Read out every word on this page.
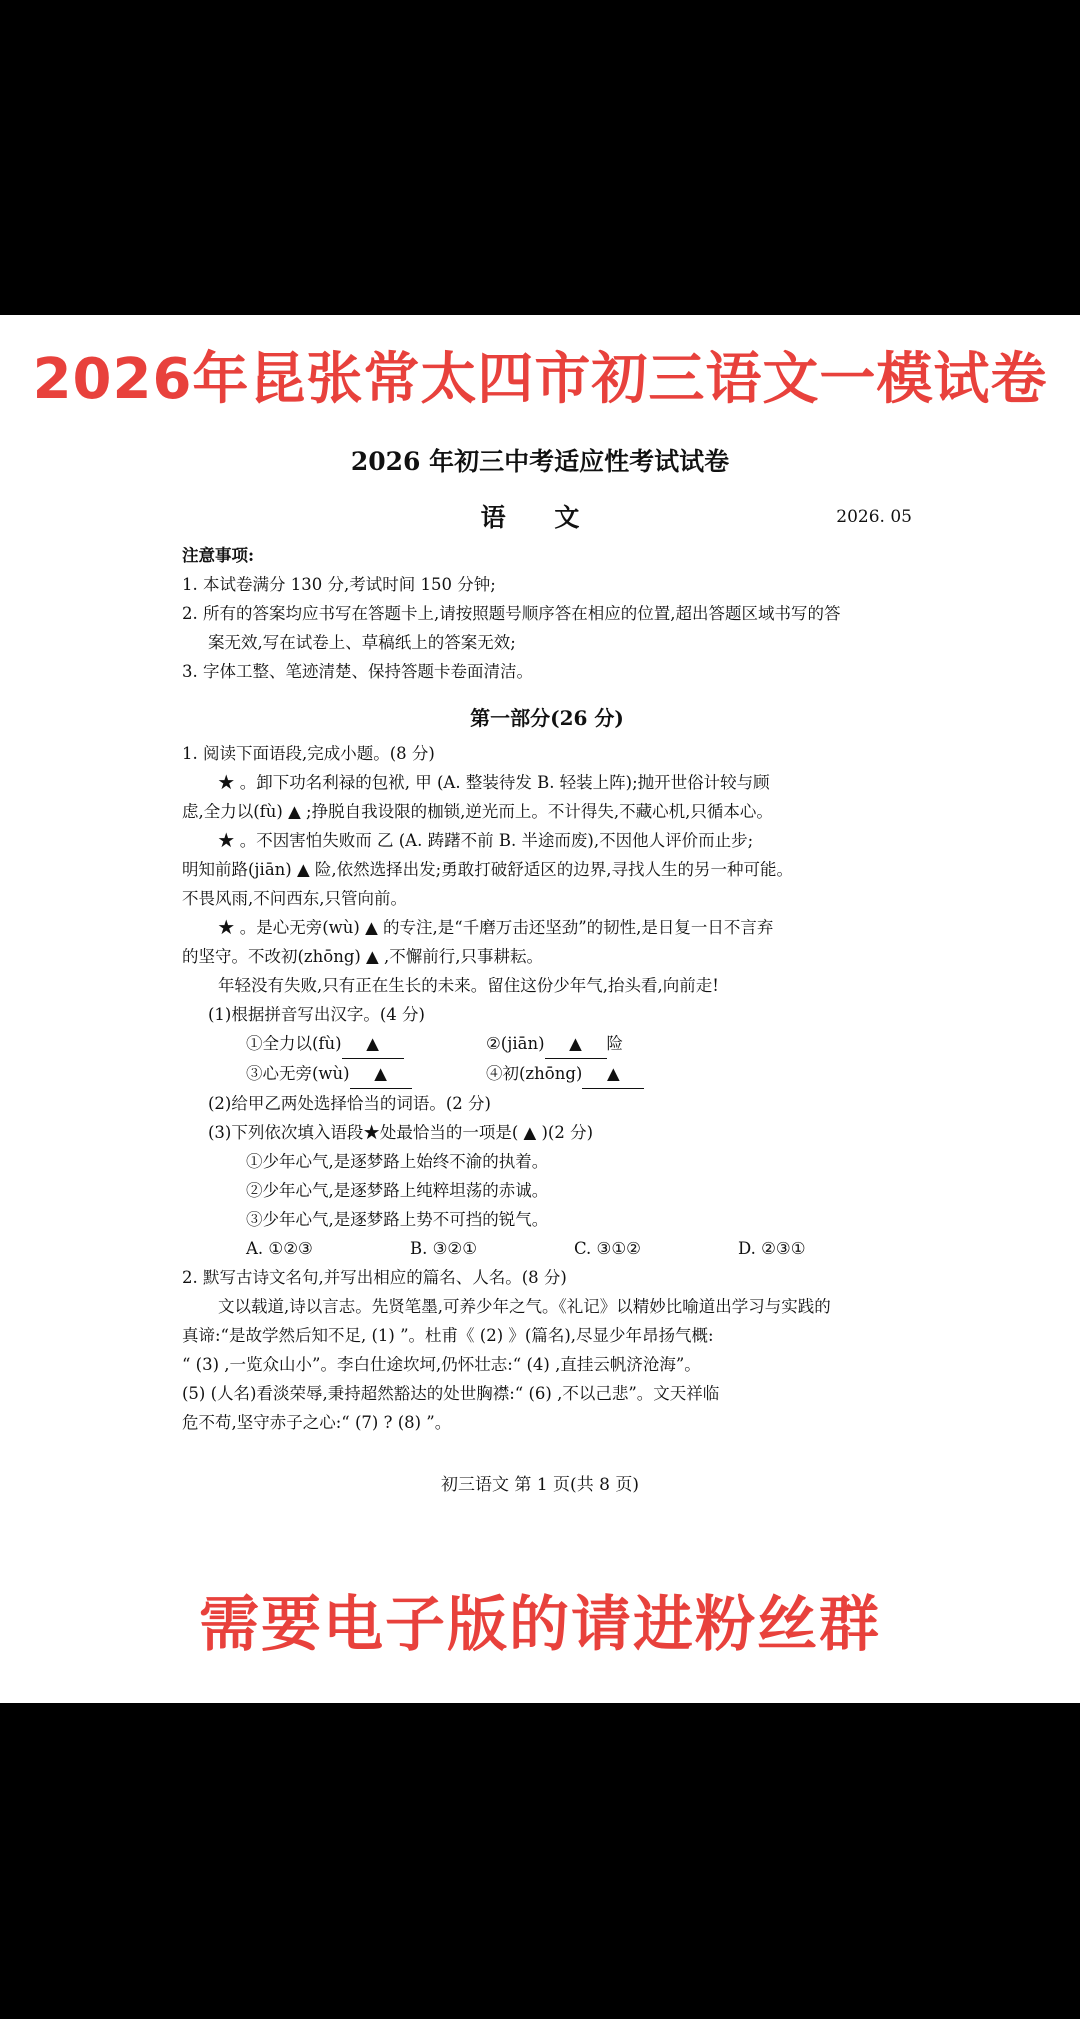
2026年昆张常太四市初三语文一模试卷
2026 年初三中考适应性考试试卷
语 文	2026. 05
注意事项:
1. 本试卷满分 130 分,考试时间 150 分钟;
2. 所有的答案均应书写在答题卡上,请按照题号顺序答在相应的位置,超出答题区域书写的答
案无效,写在试卷上、草稿纸上的答案无效;
3. 字体工整、笔迹清楚、保持答题卡卷面清洁。
第一部分(26 分)
1. 阅读下面语段,完成小题。(8 分)
★ 。卸下功名利禄的包袱, 甲 (A. 整装待发 B. 轻装上阵);抛开世俗计较与顾
虑,全力以(fù) ▲ ;挣脱自我设限的枷锁,逆光而上。不计得失,不藏心机,只循本心。
★ 。不因害怕失败而 乙 (A. 踌躇不前 B. 半途而废),不因他人评价而止步;
明知前路(jiān) ▲ 险,依然选择出发;勇敢打破舒适区的边界,寻找人生的另一种可能。
不畏风雨,不问西东,只管向前。
★ 。是心无旁(wù) ▲ 的专注,是“千磨万击还坚劲”的韧性,是日复一日不言弃
的坚守。不改初(zhōng) ▲ ,不懈前行,只事耕耘。
年轻没有失败,只有正在生长的未来。留住这份少年气,抬头看,向前走!
(1)根据拼音写出汉字。(4 分)
①全力以(fù) ▲	②(jiān) ▲ 险
③心无旁(wù) ▲	④初(zhōng) ▲
(2)给甲乙两处选择恰当的词语。(2 分)
(3)下列依次填入语段★处最恰当的一项是( ▲ )(2 分)
①少年心气,是逐梦路上始终不渝的执着。
②少年心气,是逐梦路上纯粹坦荡的赤诚。
③少年心气,是逐梦路上势不可挡的锐气。
A. ①②③	B. ③②①	C. ③①②	D. ②③①
2. 默写古诗文名句,并写出相应的篇名、人名。(8 分)
文以载道,诗以言志。先贤笔墨,可养少年之气。《礼记》以精妙比喻道出学习与实践的
真谛:“是故学然后知不足, (1) ”。杜甫《 (2) 》(篇名),尽显少年昂扬气概:
“ (3) ,一览众山小”。李白仕途坎坷,仍怀壮志:“ (4) ,直挂云帆济沧海”。
(5) (人名)看淡荣辱,秉持超然豁达的处世胸襟:“ (6) ,不以己悲”。文天祥临
危不苟,坚守赤子之心:“ (7) ? (8) ”。
初三语文 第 1 页(共 8 页)
需要电子版的请进粉丝群
